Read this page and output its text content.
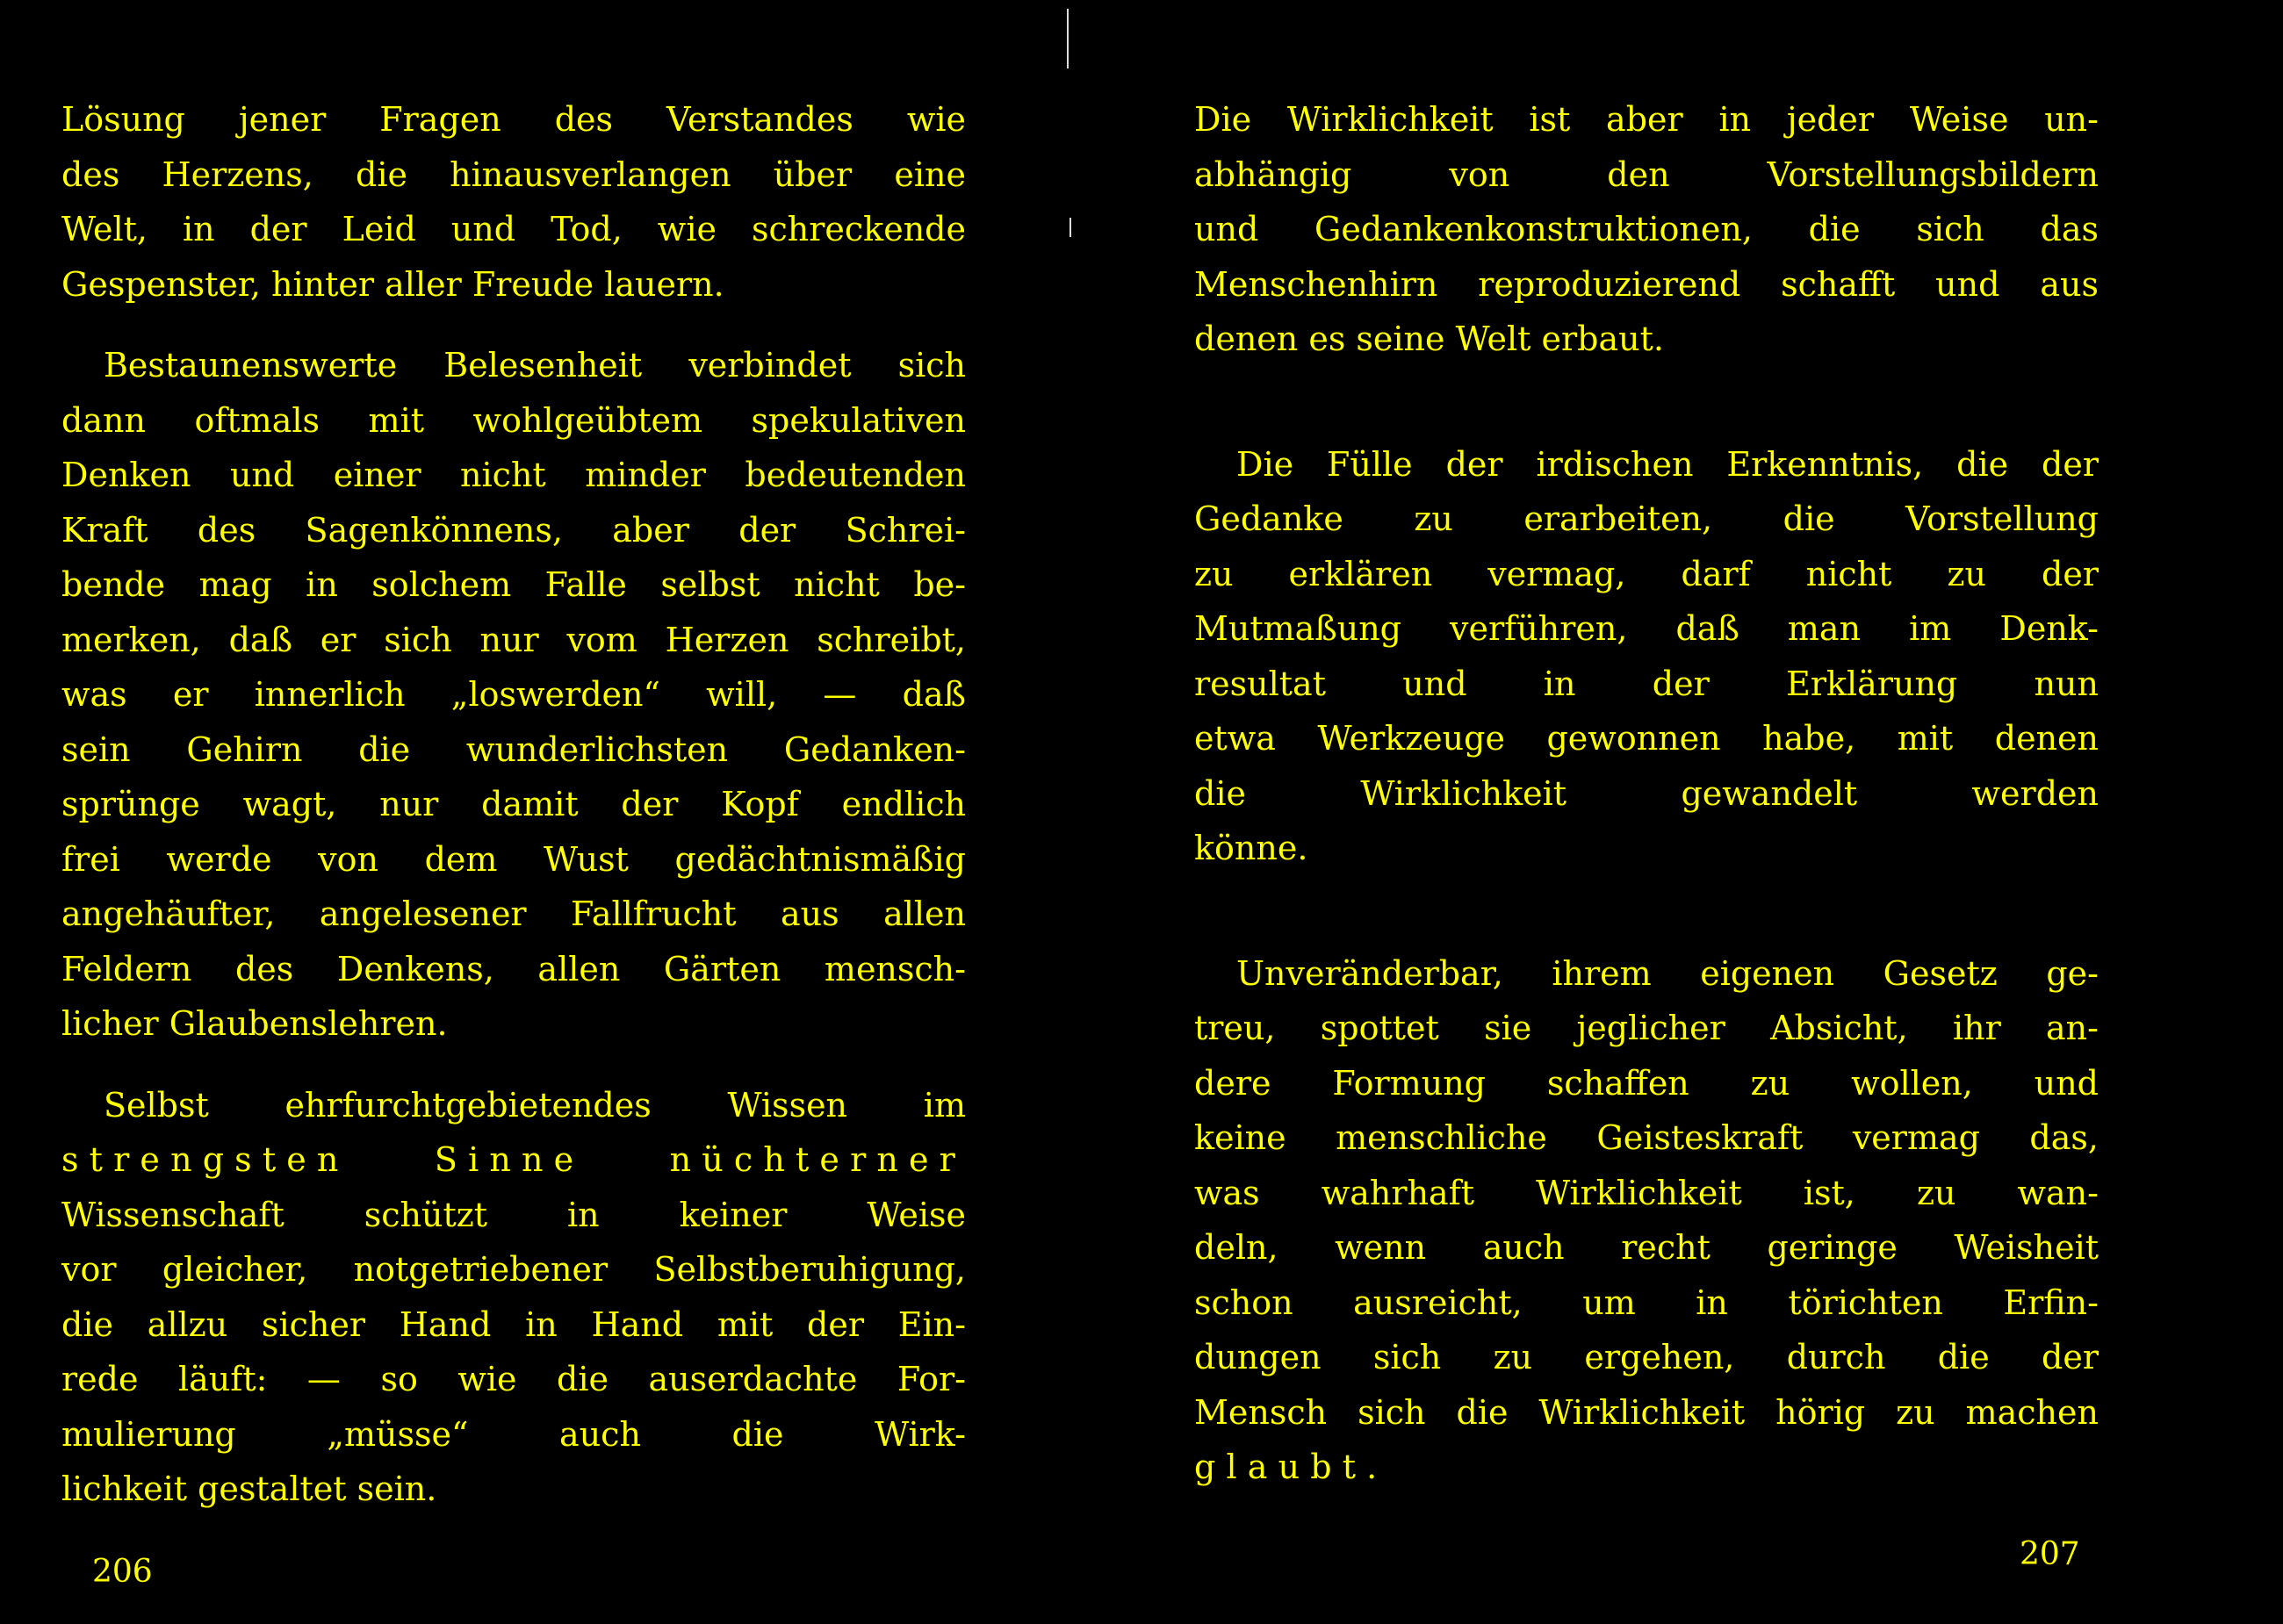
Lösung jener Fragen des Verstandes wie
des Herzens, die hinausverlangen über eine
Welt, in der Leid und Tod, wie schreckende
Gespenster, hinter aller Freude lauern.

Bestaunenswerte Belesenheit verbindet sich
dann oftmals mit wohlgeübtem spekulativen
Denken und einer nicht minder bedeutenden
Kraft des Sagenkönnens, aber der Schrei-
bende mag in solchem Falle selbst nicht be-
merken, daß er sich nur vom Herzen schreibt,
was er innerlich „loswerden“ will, — daß
sein Gehirn die wunderlichsten Gedanken-
sprünge wagt, nur damit der Kopf endlich
frei werde von dem Wust gedächtnismäßig
angehäufter, angelesener Fallfrucht aus allen
Feldern des Denkens, allen Gärten mensch-
licher Glaubenslehren.

Selbst ehrfurchtgebietendes Wissen im
strengsten Sinne nüchterner
Wissenschaft schützt in keiner Weise
vor gleicher, notgetriebener Selbstberuhigung,
die allzu sicher Hand in Hand mit der Ein-
rede läuft: — so wie die auserdachte For-
mulierung „müsse“ auch die Wirk-
lichkeit gestaltet sein.

206

Die Wirklichkeit ist aber in jeder Weise un-
abhängig von den Vorstellungsbildern
und Gedankenkonstruktionen, die sich das
Menschenhirn reproduzierend schafft und aus
denen es seine Welt erbaut.

Die Fülle der irdischen Erkenntnis, die der
Gedanke zu erarbeiten, die Vorstellung
zu erklären vermag, darf nicht zu der
Mutmaßung verführen, daß man im Denk-
resultat und in der Erklärung nun
etwa Werkzeuge gewonnen habe, mit denen
die Wirklichkeit gewandelt werden
könne.

Unveränderbar, ihrem eigenen Gesetz ge-
treu, spottet sie jeglicher Absicht, ihr an-
dere Formung schaffen zu wollen, und
keine menschliche Geisteskraft vermag das,
was wahrhaft Wirklichkeit ist, zu wan-
deln, wenn auch recht geringe Weisheit
schon ausreicht, um in törichten Erfin-
dungen sich zu ergehen, durch die der
Mensch sich die Wirklichkeit hörig zu machen
glaubt.

207
